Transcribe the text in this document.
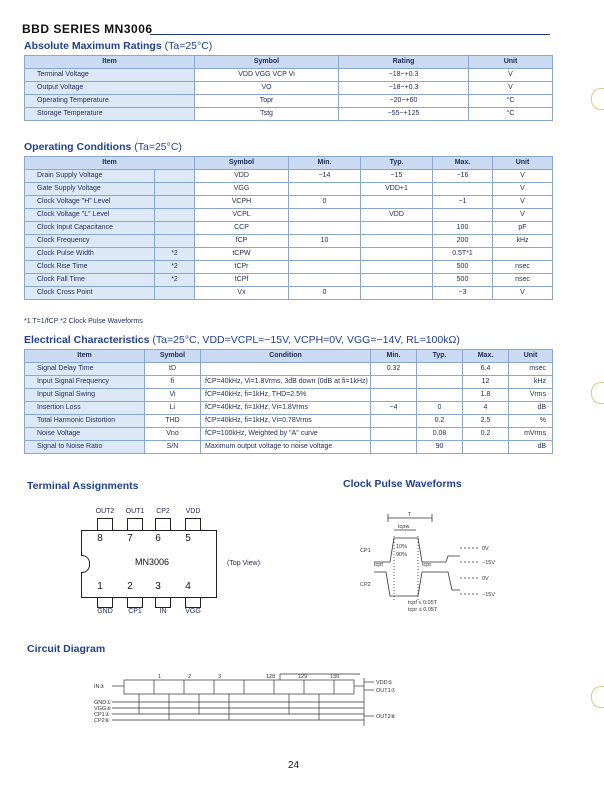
BBD SERIES MN3006
Absolute Maximum Ratings (Ta=25°C)
Item	Symbol	Rating	Unit
Terminal Voltage	VDD VGG VCP Vi	−18~+0.3	V
Output Voltage	VO	−18~+0.3	V
Operating Temperature	Topr	−20~+60	°C
Storage Temperature	Tstg	−55~+125	°C
Operating Conditions (Ta=25°C)
Item		Symbol	Min.	Typ.	Max.	Unit
Drain Supply Voltage		VDD	−14	−15	−16	V
Gate Supply Voltage		VGG		VDD+1		V
Clock Voltage "H" Level		VCPH	0		−1	V
Clock Voltage "L" Level		VCPL		VDD		V
Clock Input Capacitance		CCP			100	pF
Clock Frequency		fCP	10		200	kHz
Clock Pulse Width	*2	tCPW			0.5T*1	
Clock Rise Time	*2	tCPr			500	nsec
Clock Fall Time	*2	tCPf			500	nsec
Clock Cross Point		Vx	0		−3	V
*1 T=1/fCP *2 Clock Pulse Waveforms
Electrical Characteristics (Ta=25°C, VDD=VCPL=−15V, VCPH=0V, VGG=−14V, RL=100kΩ)
Item	Symbol	Condition	Min.	Typ.	Max.	Unit
Signal Delay Time	tD		0.32		6.4	msec
Input Signal Frequency	fi	fCP=40kHz, Vi=1.8Vrms, 3dB down (0dB at fi=1kHz)			12	kHz
Input Signal Swing	Vi	fCP=40kHz, fi=1kHz, THD=2.5%			1.8	Vrms
Insertion Loss	Li	fCP=40kHz, fi=1kHz, Vi=1.8Vrms	−4	0	4	dB
Total Harmonic Distortion	THD	fCP=40kHz, fi=1kHz, Vi=0.78Vrms		0.2	2.5	%
Noise Voltage	Vno	fCP=100kHz, Weighted by "A" curve		0.08	0.2	mVrms
Signal to Noise Ratio	S/N	Maximum output voltage to noise voltage		90		dB
Terminal Assignments
OUT2	OUT1	CP2	VDD
8	7	6	5
MN3006
1	2	3	4
GND	CP1	IN	VGG
(Top View)
Clock Pulse Waveforms
T
tcpw
10%
90%
CP1
CP2
tcpf	tcpr
0V
−15V
0V
−15V
tcpf ≤ 0.05T
tcpr ≤ 0.05T
Circuit Diagram
IN③
GND①
VGG④
CP1②
CP2⑥
VDD⑤
OUT1⑦
OUT2⑧
1	2	3	128	129	130
24
